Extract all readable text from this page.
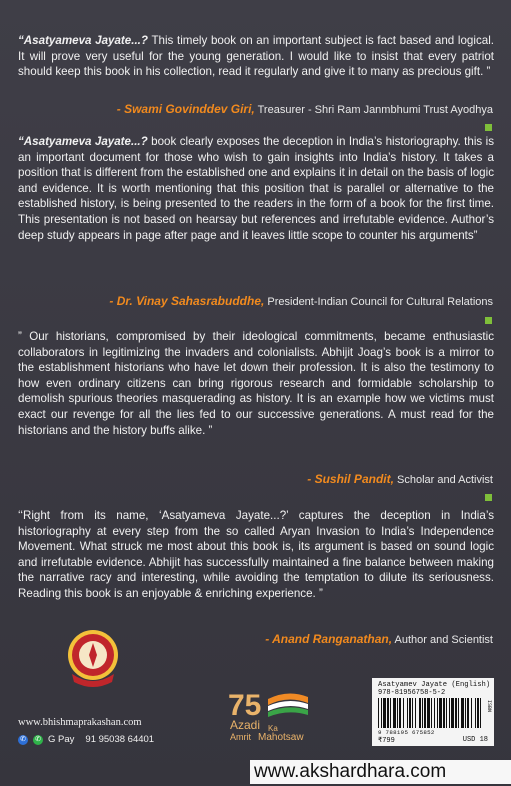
“Asatyameva Jayate...? This timely book on an important subject is fact based and logical. It will prove very useful for the young generation. I would like to insist that every patriot should keep this book in his collection, read it regularly and give it to many as precious gift. ”

- Swami Govinddev Giri, Treasurer - Shri Ram Janmbhumi Trust Ayodhya

“Asatyameva Jayate...? book clearly exposes the deception in India’s historiography. this is an important document for those who wish to gain insights into India’s history. It takes a position that is different from the established one and explains it in detail on the basis of logic and evidence. It is worth mentioning that this position that is parallel or alternative to the established history, is being presented to the readers in the form of a book for the first time. This presentation is not based on hearsay but references and irrefutable evidence. Author’s deep study appears in page after page and it leaves little scope to counter his arguments”

- Dr. Vinay Sahasrabuddhe, President-Indian Council for Cultural Relations

” Our historians, compromised by their ideological commitments, became enthusiastic collaborators in legitimizing the invaders and colonialists. Abhijit Joag’s book is a mirror to the establishment historians who have let down their profession. It is also the testimony to how even ordinary citizens can bring rigorous research and formidable scholarship to demolish spurious theories masquerading as history. It is an example how we victims must exact our revenge for all the lies fed to our successive generations. A must read for the historians and the history buffs alike. ”

- Sushil Pandit, Scholar and Activist

‘‘Right from its name, ‘Asatyameva Jayate...?’ captures the deception in India’s historiography at every step from the so called Aryan Invasion to India’s Independence Movement. What struck me most about this book is, its argument is based on sound logic and irrefutable evidence. Abhijit has successfully maintained a fine balance between making the narrative racy and interesting, while avoiding the temptation to dilute its seriousness. Reading this book is an enjoyable & enriching experience. ”

- Anand Ranganathan, Author and Scientist
www.bhishmaprakashan.com
✆ ✆ G Pay 91 95038 64401
75
Azadi Ka
Amrit Mahotsaw
Asatyamev Jayate (English)
978-81956758-5-2
ISBN
9 788195 675852
₹799	USD 18
www.akshardhara.com
